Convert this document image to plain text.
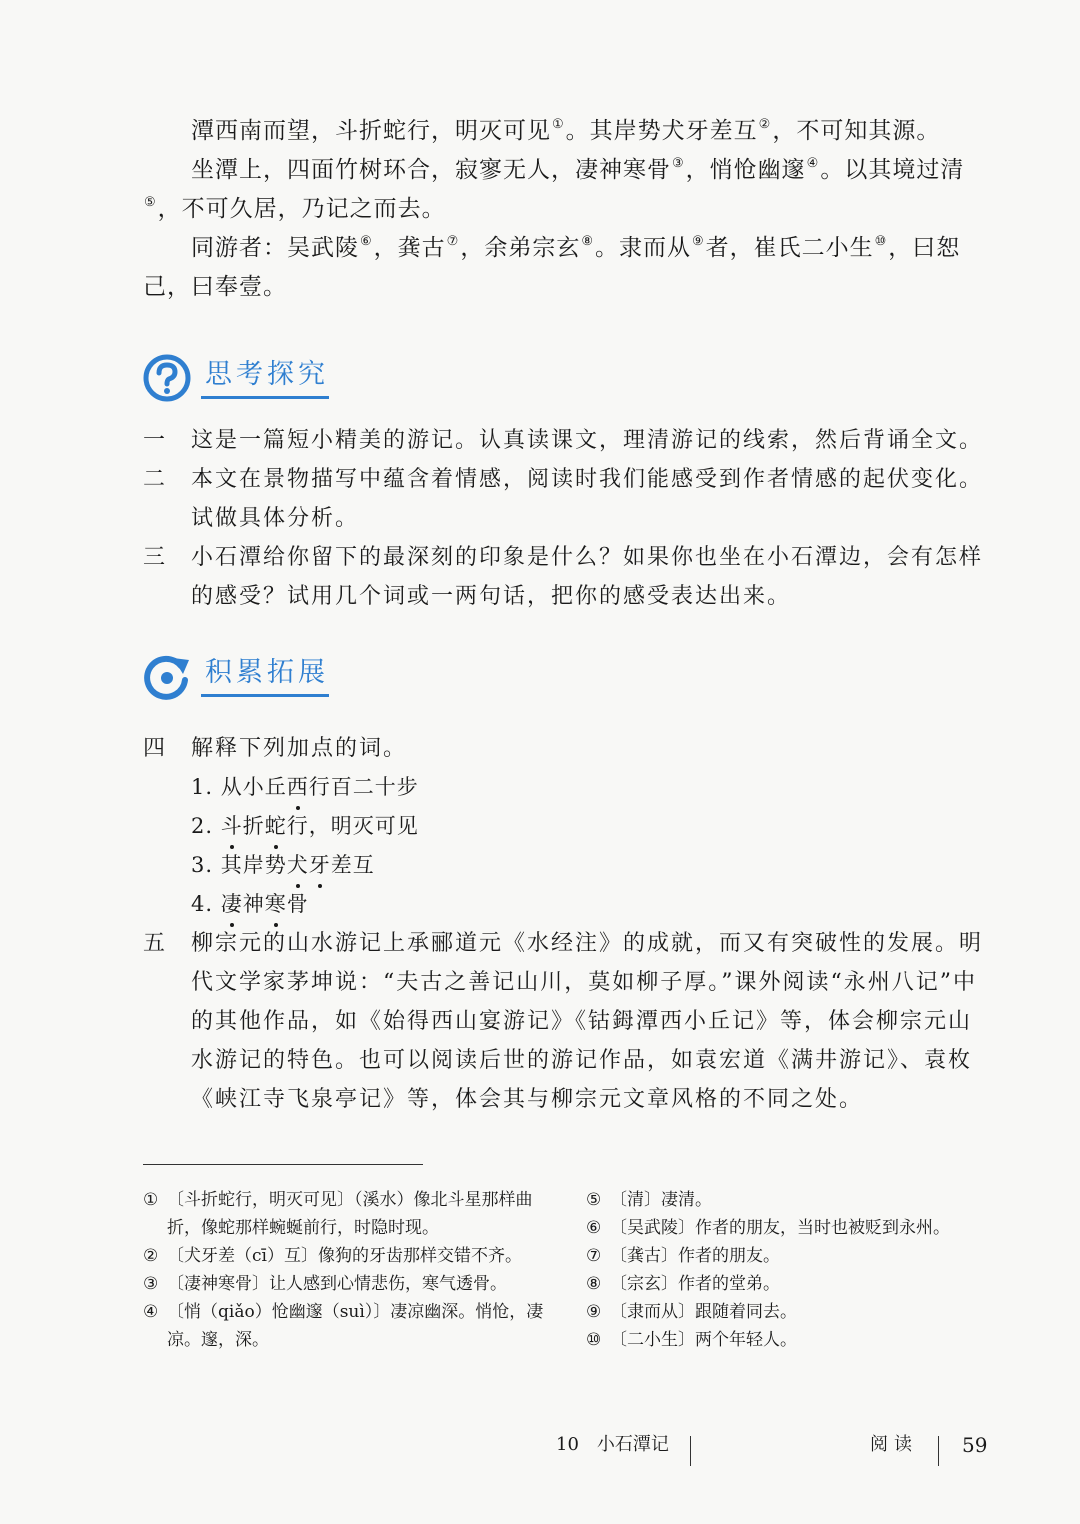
潭西南而望，斗折蛇行，明灭可见①。其岸势犬牙差互②，不可知其源。

坐潭上，四面竹树环合，寂寥无人，凄神寒骨③，悄怆幽邃④。以其境过清⑤，不可久居，乃记之而去。

同游者：吴武陵⑥，龚古⑦，余弟宗玄⑧。隶而从⑨者，崔氏二小生⑩，曰恕己，曰奉壹。

思考探究
一 这是一篇短小精美的游记。认真读课文，理清游记的线索，然后背诵全文。
二 本文在景物描写中蕴含着情感，阅读时我们能感受到作者情感的起伏变化。试做具体分析。
三 小石潭给你留下的最深刻的印象是什么？如果你也坐在小石潭边，会有怎样的感受？试用几个词或一两句话，把你的感受表达出来。
积累拓展
四 解释下列加点的词。
1. 从小丘西行百二十步
2. 斗折蛇行，明灭可见
3. 其岸势犬牙差互
4. 凄神寒骨
五 柳宗元的山水游记上承郦道元《水经注》的成就，而又有突破性的发展。明代文学家茅坤说：“夫古之善记山川，莫如柳子厚。”课外阅读“永州八记”中的其他作品，如《始得西山宴游记》《钴鉧潭西小丘记》等，体会柳宗元山水游记的特色。也可以阅读后世的游记作品，如袁宏道《满井游记》、袁枚《峡江寺飞泉亭记》等，体会其与柳宗元文章风格的不同之处。
① 〔斗折蛇行，明灭可见〕（溪水）像北斗星那样曲折，像蛇那样蜿蜒前行，时隐时现。
② 〔犬牙差（cī）互〕像狗的牙齿那样交错不齐。
③ 〔凄神寒骨〕让人感到心情悲伤，寒气透骨。
④ 〔悄（qiǎo）怆幽邃（suì）〕凄凉幽深。悄怆，凄凉。邃，深。
⑤ 〔清〕凄清。
⑥ 〔吴武陵〕作者的朋友，当时也被贬到永州。
⑦ 〔龚古〕作者的朋友。
⑧ 〔宗玄〕作者的堂弟。
⑨ 〔隶而从〕跟随着同去。
⑩ 〔二小生〕两个年轻人。
10　小石潭记	阅读 59
